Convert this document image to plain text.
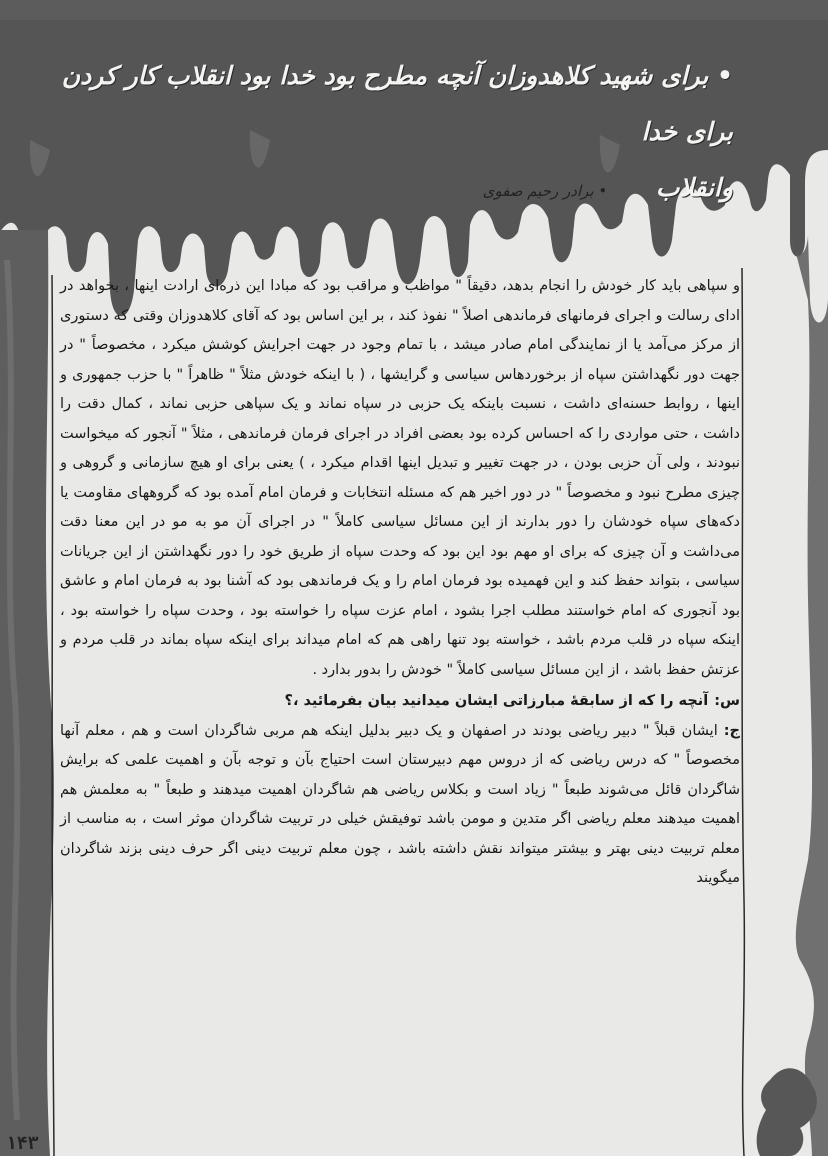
• برای شهید کلاهدوزان آنچه مطرح بود خدا بود انقلاب کار کردن برای خدا
وانقلاب • برادر رحیم صفوی

و سپاهی باید کار خودش را انجام بدهد، دقیقاً " مواظب و مراقب بود که مبادا این ذره‌ای ارادت اینها ، بخواهد در ادای رسالت و اجرای فرمانهای فرماندهی اصلاً " نفوذ کند ، بر این اساس بود که آقای کلاهدوزان وقتی که دستوری از مرکز می‌آمد یا از نمایندگی امام صادر میشد ، با تمام وجود در جهت اجرایش کوشش میکرد ، مخصوصاً " در جهت دور نگهداشتن سپاه از برخوردهاس سیاسی و گرایشها ، ( با اینکه خودش مثلاً " ظاهراً " با حزب جمهوری و اینها ، روابط حسنه‌ای داشت ، نسبت باینکه یک حزبی در سپاه نماند و یک سپاهی حزبی نماند ، کمال دقت را داشت ، حتی مواردی را که احساس کرده بود بعضی افراد در اجرای فرمان فرماندهی ، مثلاً " آنجور که میخواست نبودند ، ولی آن حزبی بودن ، در جهت تغییر و تبدیل اینها اقدام میکرد ، ) یعنی برای او هیچ سازمانی و گروهی و چیزی مطرح نبود و مخصوصاً " در دور اخیر هم که مسئله انتخابات و فرمان امام آمده بود که گروههای مقاومت یا دکه‌های سپاه خودشان را دور بدارند از این مسائل سیاسی کاملاً " در اجرای آن مو به مو در این معنا دقت می‌داشت و آن چیزی که برای او مهم بود این بود که وحدت سپاه از طریق خود را دور نگهداشتن از این جریانات سیاسی ، بتواند حفظ کند و این فهمیده بود فرمان امام را و یک فرماندهی بود که آشنا بود به فرمان امام و عاشق بود آنجوری که امام خواستند مطلب اجرا بشود ، امام عزت سپاه را خواسته بود ، وحدت سپاه را خواسته بود ، اینکه سپاه در قلب مردم باشد ، خواسته بود تنها راهی هم که امام میداند برای اینکه سپاه بماند در قلب مردم و عزتش حفظ باشد ، از این مسائل سیاسی کاملاً " خودش را بدور بدارد .

س:آنچه را که از سابقهٔ مبارزاتی ایشان میدانید بیان بفرمائید ،؟

ج:ایشان قبلاً " دبیر ریاضی بودند در اصفهان و یک دبیر بدلیل اینکه هم مربی شاگردان است و هم ، معلم آنها مخصوصاً " که درس ریاضی که از دروس مهم دبیرستان است احتیاج بآن و توجه بآن و اهمیت علمی که برایش شاگردان قائل می‌شوند طبعاً " زیاد است و بکلاس ریاضی هم شاگردان اهمیت میدهند و طبعاً " به معلمش هم اهمیت میدهند معلم ریاضی اگر متدین و مومن باشد توفیقش خیلی در تربیت شاگردان موثر است ، به مناسب از معلم تربیت دینی بهتر و بیشتر میتواند نقش داشته باشد ، چون معلم تربیت دینی اگر حرف دینی بزند شاگردان میگویند

۱۴۳
